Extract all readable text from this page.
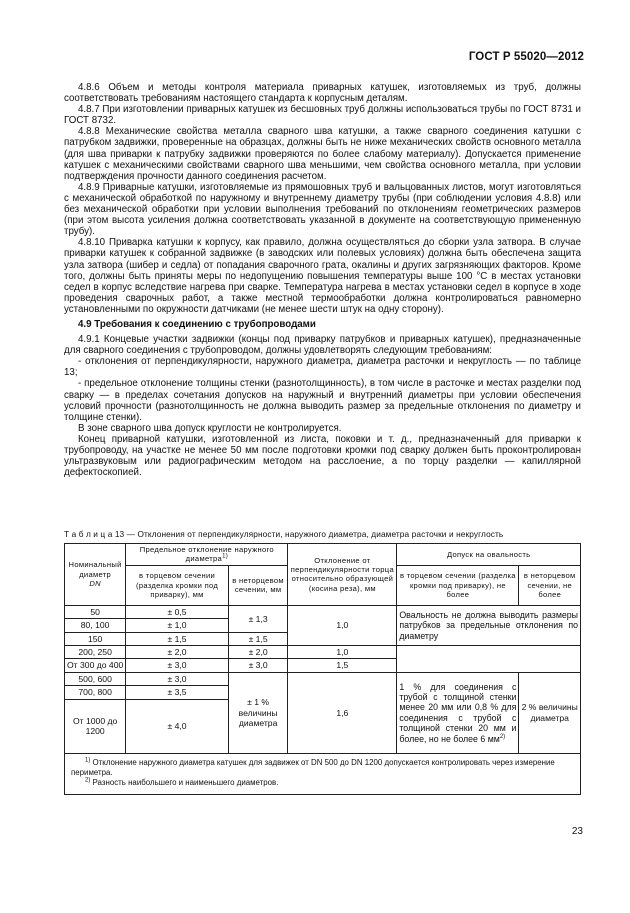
ГОСТ Р 55020—2012

4.8.6 Объем и методы контроля материала приварных катушек, изготовляемых из труб, должны соответствовать требованиям настоящего стандарта к корпусным деталям.

4.8.7 При изготовлении приварных катушек из бесшовных труб должны использоваться трубы по ГОСТ 8731 и ГОСТ 8732.

4.8.8 Механические свойства металла сварного шва катушки, а также сварного соединения катушки с патрубком задвижки, проверенные на образцах, должны быть не ниже механических свойств основного металла (для шва приварки к патрубку задвижки проверяются по более слабому материалу). Допускается применение катушек с механическими свойствами сварного шва меньшими, чем свойства основного металла, при условии подтверждения прочности данного соединения расчетом.

4.8.9 Приварные катушки, изготовляемые из прямошовных труб и вальцованных листов, могут изготовляться с механической обработкой по наружному и внутреннему диаметру трубы (при соблюдении условия 4.8.8) или без механической обработки при условии выполнения требований по отклонениям геометрических размеров (при этом высота усиления должна соответствовать указанной в документе на соответствующую примененную трубу).

4.8.10 Приварка катушки к корпусу, как правило, должна осуществляться до сборки узла затвора. В случае приварки катушек к собранной задвижке (в заводских или полевых условиях) должна быть обеспечена защита узла затвора (шибер и седла) от попадания сварочного грата, окалины и других загрязняющих факторов. Кроме того, должны быть приняты меры по недопущению повышения температуры выше 100 °С в местах установки седел в корпус вследствие нагрева при сварке. Температура нагрева в местах установки седел в корпусе в ходе проведения сварочных работ, а также местной термообработки должна контролироваться равномерно установленными по окружности датчиками (не менее шести штук на одну сторону).

4.9 Требования к соединению с трубопроводами

4.9.1 Концевые участки задвижки (концы под приварку патрубков и приварных катушек), предназначенные для сварного соединения с трубопроводом, должны удовлетворять следующим требованиям:

- отклонения от перпендикулярности, наружного диаметра, диаметра расточки и некруглость — по таблице 13;

- предельное отклонение толщины стенки (разнотолщинность), в том числе в расточке и местах разделки под сварку — в пределах сочетания допусков на наружный и внутренний диаметры при условии обеспечения условий прочности (разнотолщинность не должна выводить размер за предельные отклонения по диаметру и толщине стенки).

В зоне сварного шва допуск круглости не контролируется.

Конец приварной катушки, изготовленной из листа, поковки и т. д., предназначенный для приварки к трубопроводу, на участке не менее 50 мм после подготовки кромки под сварку должен быть проконтролирован ультразвуковым или радиографическим методом на расслоение, а по торцу разделки — капиллярной дефектоскопией.

Т а б л и ц а 13 — Отклонения от перпендикулярности, наружного диаметра, диаметра расточки и некруглость
Номинальный диаметр
DN	Предельное отклонение наружного диаметра$^{1)}$		Отклонение от перпендикулярности торца относительно образующей (косина реза), мм	Допуск на овальность	
	в торцевом сечении (разделка кромки под приварку), мм	в неторцевом сечении, мм		в торцевом сечении (разделка кромки под приварку), не более	в неторцевом сечении, не более
50	± 0,5	± 1,3	1,0	Овальность не должна выводить размеры патрубков за предельные отклонения по диаметру	
80, 100	± 1,0				
150	± 1,5	± 1,5			
200, 250	± 2,0	± 2,0	1,0		
От 300 до 400	± 3,0	± 3,0	1,5		
500, 600	± 3,0	± 1 % величины диаметра	1,6	1 % для соединения с трубой с толщиной стенки менее 20 мм или 0,8 % для соединения с трубой с толщиной стенки 20 мм и более, но не более 6 $мм^{2)}$	2 % величины диаметра
700, 800	± 3,5				
От 1000 до 1200	± 4,0				

$^{1)}$ Отклонение наружного диаметра катушек для задвижек от DN 500 до DN 1200 допускается контролировать через измерение периметра.
$^{2)}$ Разность наибольшего и наименьшего диаметров.					
23
